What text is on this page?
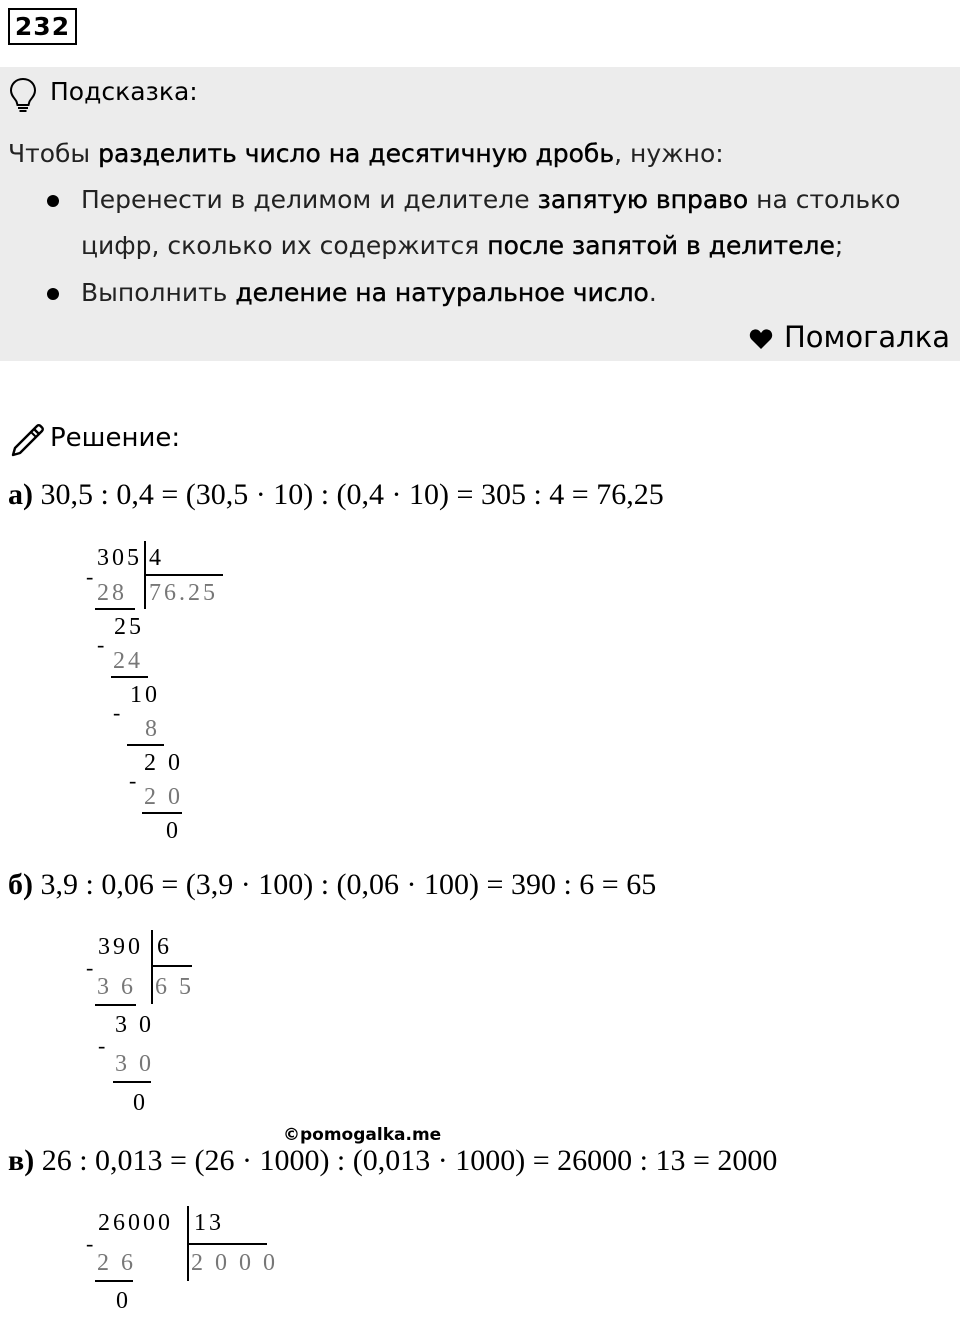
232
Подсказка:
Чтобы разделить число на десятичную дробь, нужно:
Перенести в делимом и делителе запятую вправо на столько
цифр, сколько их содержится после запятой в делителе;
Выполнить деление на натуральное число.
Помогалка
Решение:
а) 30,5 : 0,4 = (30,5 · 10) : (0,4 · 10) = 305 : 4 = 76,25
305 4
76.25
-
28
25
-
24
10
-
8
2 0
-
2 0
0
б) 3,9 : 0,06 = (3,9 · 100) : (0,06 · 100) = 390 : 6 = 65
390 6
6 5
-
3 6
3 0
-
3 0
0
©pomogalka.me
в) 26 : 0,013 = (26 · 1000) : (0,013 · 1000) = 26000 : 13 = 2000
26000 13
2 0 0 0
-
2 6
0
